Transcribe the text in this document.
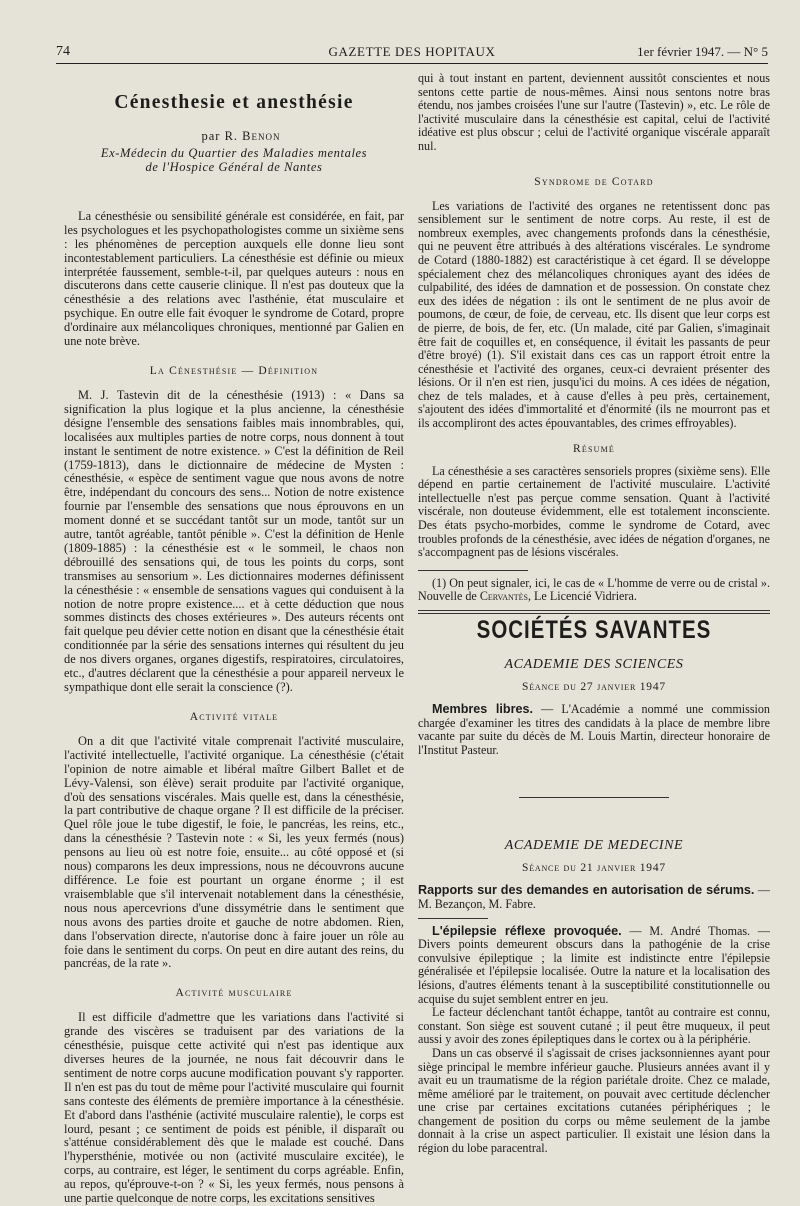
74	GAZETTE DES HOPITAUX	1er février 1947. — N° 5
Cénesthesie et anesthésie

par R. Benon

Ex-Médecin du Quartier des Maladies mentales
de l'Hospice Général de Nantes

La cénesthésie ou sensibilité générale est considérée, en fait, par les psychologues et les psychopathologistes comme un sixième sens : les phénomènes de perception auxquels elle donne lieu sont incontestablement particuliers. La cénesthésie est définie ou mieux interprétée faussement, semble-t-il, par quelques auteurs : nous en discuterons dans cette causerie clinique. Il n'est pas douteux que la cénesthésie a des relations avec l'asthénie, état musculaire et psychique. En outre elle fait évoquer le syndrome de Cotard, propre d'ordinaire aux mélancoliques chroniques, mentionné par Galien en une note brève.

La Cénesthésie — Définition

M. J. Tastevin dit de la cénesthésie (1913) : « Dans sa signification la plus logique et la plus ancienne, la cénesthésie désigne l'ensemble des sensations faibles mais innombrables, qui, localisées aux multiples parties de notre corps, nous donnent à tout instant le sentiment de notre existence. » C'est la définition de Reil (1759-1813), dans le dictionnaire de médecine de Mysten : cénesthésie, « espèce de sentiment vague que nous avons de notre être, indépendant du concours des sens... Notion de notre existence fournie par l'ensemble des sensations que nous éprouvons en un moment donné et se succédant tantôt sur un mode, tantôt sur un autre, tantôt agréable, tantôt pénible ». C'est la définition de Henle (1809-1885) : la cénesthésie est « le sommeil, le chaos non débrouillé des sensations qui, de tous les points du corps, sont transmises au sensorium ». Les dictionnaires modernes définissent la cénesthésie : « ensemble de sensations vagues qui conduisent à la notion de notre propre existence.... et à cette déduction que nous sommes distincts des choses extérieures ». Des auteurs récents ont fait quelque peu dévier cette notion en disant que la cénesthésie était conditionnée par la série des sensations internes qui résultent du jeu de nos divers organes, organes digestifs, respiratoires, circulatoires, etc., d'autres déclarent que la cénesthésie a pour appareil nerveux le sympathique dont elle serait la conscience (?).

Activité vitale

On a dit que l'activité vitale comprenait l'activité musculaire, l'activité intellectuelle, l'activité organique. La cénesthésie (c'était l'opinion de notre aimable et libéral maître Gilbert Ballet et de Lévy-Valensi, son élève) serait produite par l'activité organique, d'où des sensations viscérales. Mais quelle est, dans la cénesthésie, la part contributive de chaque organe ? Il est difficile de la préciser. Quel rôle joue le tube digestif, le foie, le pancréas, les reins, etc., dans la cénesthésie ? Tastevin note : « Si, les yeux fermés (nous) pensons au lieu où est notre foie, ensuite... au côté opposé et (si nous) comparons les deux impressions, nous ne découvrons aucune différence. Le foie est pourtant un organe énorme ; il est vraisemblable que s'il intervenait notablement dans la cénesthésie, nous nous apercevrions d'une dissymétrie dans le sentiment que nous avons des parties droite et gauche de notre abdomen. Rien, dans l'observation directe, n'autorise donc à faire jouer un rôle au foie dans le sentiment du corps. On peut en dire autant des reins, du pancréas, de la rate ».

Activité musculaire

Il est difficile d'admettre que les variations dans l'activité si grande des viscères se traduisent par des variations de la cénesthésie, puisque cette activité qui n'est pas identique aux diverses heures de la journée, ne nous fait découvrir dans le sentiment de notre corps aucune modification pouvant s'y rapporter. Il n'en est pas du tout de même pour l'activité musculaire qui fournit sans conteste des éléments de première importance à la cénesthésie. Et d'abord dans l'asthénie (activité musculaire ralentie), le corps est lourd, pesant ; ce sentiment de poids est pénible, il disparaît ou s'atténue considérablement dès que le malade est couché. Dans l'hypersthénie, motivée ou non (activité musculaire excitée), le corps, au contraire, est léger, le sentiment du corps agréable. Enfin, au repos, qu'éprouve-t-on ? « Si, les yeux fermés, nous pensons à une partie quelconque de notre corps, les excitations sensitives

qui à tout instant en partent, deviennent aussitôt conscientes et nous sentons cette partie de nous-mêmes. Ainsi nous sentons notre bras étendu, nos jambes croisées l'une sur l'autre (Tastevin) », etc. Le rôle de l'activité musculaire dans la cénesthésie est capital, celui de l'activité idéative est plus obscur ; celui de l'activité organique viscérale apparaît nul.

Syndrome de Cotard

Les variations de l'activité des organes ne retentissent donc pas sensiblement sur le sentiment de notre corps. Au reste, il est de nombreux exemples, avec changements profonds dans la cénesthésie, qui ne peuvent être attribués à des altérations viscérales. Le syndrome de Cotard (1880-1882) est caractéristique à cet égard. Il se développe spécialement chez des mélancoliques chroniques ayant des idées de culpabilité, des idées de damnation et de possession. On constate chez eux des idées de négation : ils ont le sentiment de ne plus avoir de poumons, de cœur, de foie, de cerveau, etc. Ils disent que leur corps est de pierre, de bois, de fer, etc. (Un malade, cité par Galien, s'imaginait être fait de coquilles et, en conséquence, il évitait les passants de peur d'être broyé) (1). S'il existait dans ces cas un rapport étroit entre la cénesthésie et l'activité des organes, ceux-ci devraient présenter des lésions. Or il n'en est rien, jusqu'ici du moins. A ces idées de négation, chez de tels malades, et à cause d'elles à peu près, certainement, s'ajoutent des idées d'immortalité et d'énormité (ils ne mourront pas et ils accompliront des actes épouvantables, des crimes effroyables).

Résumé

La cénesthésie a ses caractères sensoriels propres (sixième sens). Elle dépend en partie certainement de l'activité musculaire. L'activité intellectuelle n'est pas perçue comme sensation. Quant à l'activité viscérale, non douteuse évidemment, elle est totalement inconsciente. Des états psycho-morbides, comme le syndrome de Cotard, avec troubles profonds de la cénesthésie, avec idées de négation d'organes, ne s'accompagnent pas de lésions viscérales.

(1) On peut signaler, ici, le cas de « L'homme de verre ou de cristal ». Nouvelle de Cervantès, Le Licencié Vidriera.

SOCIÉTÉS SAVANTES
ACADEMIE DES SCIENCES
Séance du 27 janvier 1947

Membres libres. — L'Académie a nommé une commission chargée d'examiner les titres des candidats à la place de membre libre vacante par suite du décès de M. Louis Martin, directeur honoraire de l'Institut Pasteur.

ACADEMIE DE MEDECINE
Séance du 21 janvier 1947

Rapports sur des demandes en autorisation de sérums. — M. Bezançon, M. Fabre.

L'épilepsie réflexe provoquée. — M. André Thomas. — Divers points demeurent obscurs dans la pathogénie de la crise convulsive épileptique ; la limite est indistincte entre l'épilepsie généralisée et l'épilepsie localisée. Outre la nature et la localisation des lésions, d'autres éléments tenant à la susceptibilité constitutionnelle ou acquise du sujet semblent entrer en jeu.

Le facteur déclenchant tantôt échappe, tantôt au contraire est connu, constant. Son siège est souvent cutané ; il peut être muqueux, il peut aussi y avoir des zones épileptiques dans le cortex ou à la périphérie.

Dans un cas observé il s'agissait de crises jacksonniennes ayant pour siège principal le membre inférieur gauche. Plusieurs années avant il y avait eu un traumatisme de la région pariétale droite. Chez ce malade, même amélioré par le traitement, on pouvait avec certitude déclencher une crise par certaines excitations cutanées périphériques ; le changement de position du corps ou même seulement de la jambe donnait à la crise un aspect particulier. Il existait une lésion dans la région du lobe paracentral.
